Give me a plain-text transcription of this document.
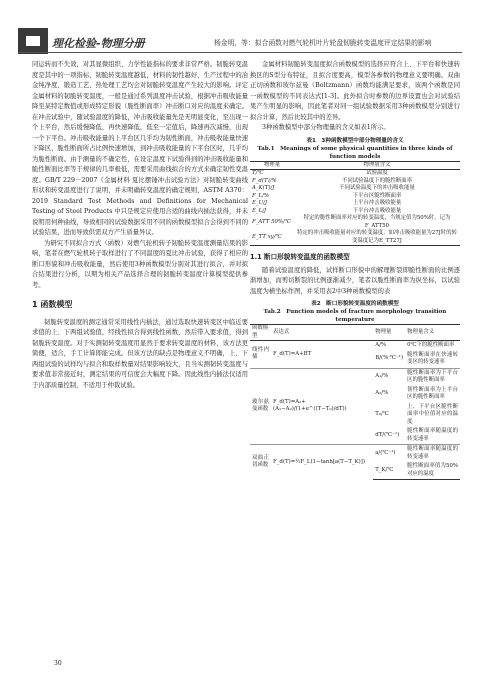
理化检验-物理分册	杨金明，等：拟合函数对燃气轮机叶片轮盘韧脆转变温度评定结果的影响

同运转而不失效，对其显微组织、力学性能指标的要求非常严格。韧脆转变温度是其中的一项指标，韧脆转变温度越低，材料的韧性越好，生产过程中的冶金纯净度、锻造工艺、热处理工艺均会对韧脆转变温度产生较大的影响。评定金属材料的韧脆转变温度，一般是通过系列温度冲击试验，根据冲击吸收能量降至某特定数值或形成特定形貌（脆性断面率）冲击断口对应的温度来确定。在冲击试验中，随试验温度的降低，冲击吸收能量先是无明显变化，至出现一个上平台，然后缓慢降低，再快速降低，低至一定值后，降速再次减慢，出现一个下平台。冲击吸收能量的上平台区几乎均为韧性断面，冲击吸收能量快速下降区，脆性断面所占比例快速增加，到冲击吸收能量的下平台区时，几乎均为脆性断面。由于测量的不确定性，在设定温度下试验得到的冲击吸收能量和脆性断面比率等于规律的几率极低，需要采用曲线拟合的方式来确定韧性变温度。GB/T 229－2007《金属材料 夏比摆锤冲击试验方法》对韧脆转变曲线形状和转变温度进行了说明，并未明确转变温度的确定规则，ASTM A370：2019 Standard Test Methods and Definitions for Mechanical Testing of Steel Products 中只是规定应使用合适的曲线内插法获得，并未说明用何种曲线，导致相同的试验数据采用不同的函数模型拟合会得到不同的试验结果，进而导致供需双方产生质量异议。

为研究不同拟合方式（函数）对燃气轮机转子韧脆转变温度测量结果的影响，笔者在燃气轮机转子取样进行了不同温度的夏比冲击试验，获得了相应的断口形貌和冲击吸收能量，然后使用3种函数模型分别对其进行拟合，并对拟合结果进行分析，以期为相关产品选择合理的韧脆转变温度计算模型提供参考。

1 函数模型

韧脆转变温度的测定通常采用线性内插法，通过选取快速转变区中临近要求值的上、下两组试验值，经线性拟合得到线性函数，然后带入要求值，得到韧脆转变温度。对于实测韧转变温度用显然于要求转变温度的材料，该方法更简便，适合，手工计算即能完成。但该方法的缺点是物理意义不明确，上、下两组试验的试样均与拟合和取样数量对结果影响较大，且当实测韧转变温度与要求值非常接近时，测定结果的可信度会大幅度下降。因此线性内插法仅适用于内部质量控制，不适用于仲裁试验。

金属材料韧脆转变温度拟合函数模型的选择应符合上、下平台和快速转换区的S型分布特征，且拟合度要高，模型各参数的物理意义要明确。双曲正切函数和玻尔兹曼（Boltzmann）函数均能满足要求，该两个函数是同一函数模型的不同表达式[1-3]。此外拟合时参数的边界设置也会对试验结果产生明显的影响，因此笔者对同一组试验数据采用3种函数模型分别进行拟合计算，然后比较其中的差异。

3种函数模型中部分物理量的含义如表1所示。

表1　3种函数模型中部分物理量的含义
Tab.1　Meanings of some physical quantities in three kinds of function models
物理量	物理量含义
T/℃	试验温度
F_d(T)/%	不同试验温度下的脆性断面率
A_K(T)/J	不同试验温度下的冲击吸收能量
F_L/%	下平台区脆性断面率
E_U/J	上平台冲击吸收能量
E_L/J	下平台冲击吸收能量
F_ATT 50%/℃	特定的脆性断面率对应的转变温度，当规定值为50%时，记为F_ATT50
E_TT xy/℃	特定的冲击吸收能量对应的转变温度，如冲击吸收能量为27J时的转变温度记为E_TT27J
1.1 断口形貌转变温度的函数模型

随着试验温度的降低，试样断口形貌中的解理断裂即脆性断面的比例逐渐增加，而剪切断裂的比例逐渐减少，笔者以脆性断面率为纵坐标，以试验温度为横坐标作图，并采用表2中3种函数模型的表

表2　断口形貌转变温度的函数模型
Tab.2　Function models of fracture morphology transition temperature
函数模型	表达式	物理量	物理量含义
线性内插	F_d(T)=A+BT	A/%	0℃下的脆性断面率
		B/(%·℃⁻¹)	脆性断面率在快速转变区的转变速率
玻尔兹曼函数	F_d(T)=A₂+(A₁−A₂)/(1+e^((T−T₀)/dT))	A₁/%	脆性断面率为下平台区的脆性断面率
		A₂/%	韧性断面率为上平台区的脆性断面率
		T₀/℃	上、下平台区脆性断面率中位值对应的温度
		dT/(℃⁻¹)	脆性断面率随温度的转变速率
双曲正切函数	F_d(T)=½F_L(1−tanh[a(T−T_K)])	a/(℃⁻¹)	脆性断面率随温度的转变速率
		T_K/℃	脆性断面率值为50%对应的温度
30
